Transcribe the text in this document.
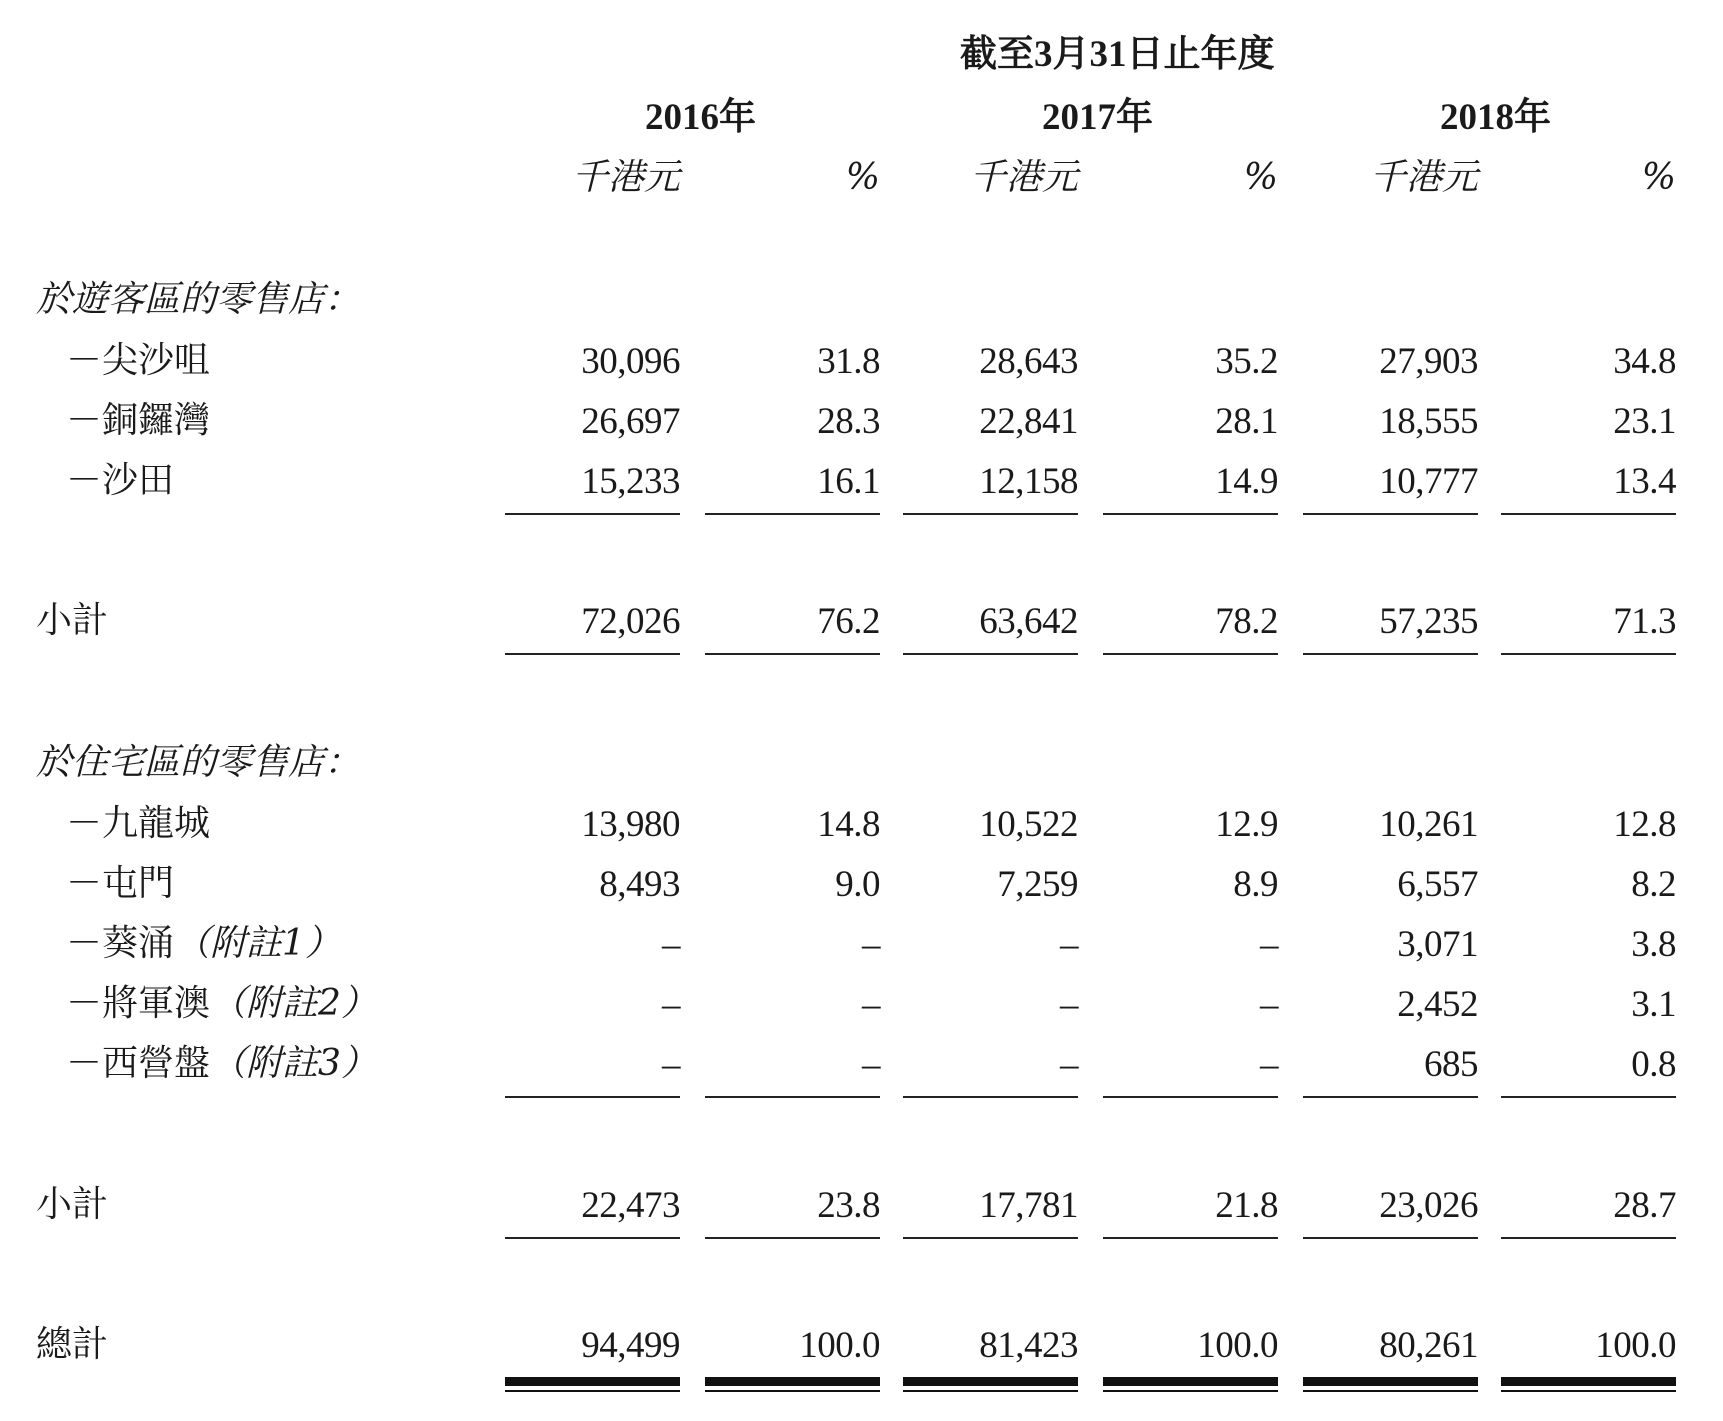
截至3月31日止年度
2016年	2017年	2018年
千港元	% 千港元	%	千港元	%
於遊客區的零售店：
－尖沙咀	30,096	31.8	28,643	35.2	27,903	34.8
－銅鑼灣	26,697	28.3	22,841	28.1	18,555	23.1
－沙田	15,233	16.1	12,158	14.9	10,777	13.4
小計	72,026	76.2	63,642	78.2	57,235	71.3
於住宅區的零售店：
－九龍城	13,980	14.8	10,522	12.9	10,261	12.8
－屯門	8,493	9.0	7,259	8.9	6,557	8.2
－葵涌（附註1）	–	–	–	–	3,071	3.8
－將軍澳（附註2）	–	–	–	–	2,452	3.1
－西營盤（附註3）	–	–	–	–	685	0.8
小計	22,473	23.8	17,781	21.8	23,026	28.7
總計	94,499	100.0	81,423	100.0	80,261	100.0
